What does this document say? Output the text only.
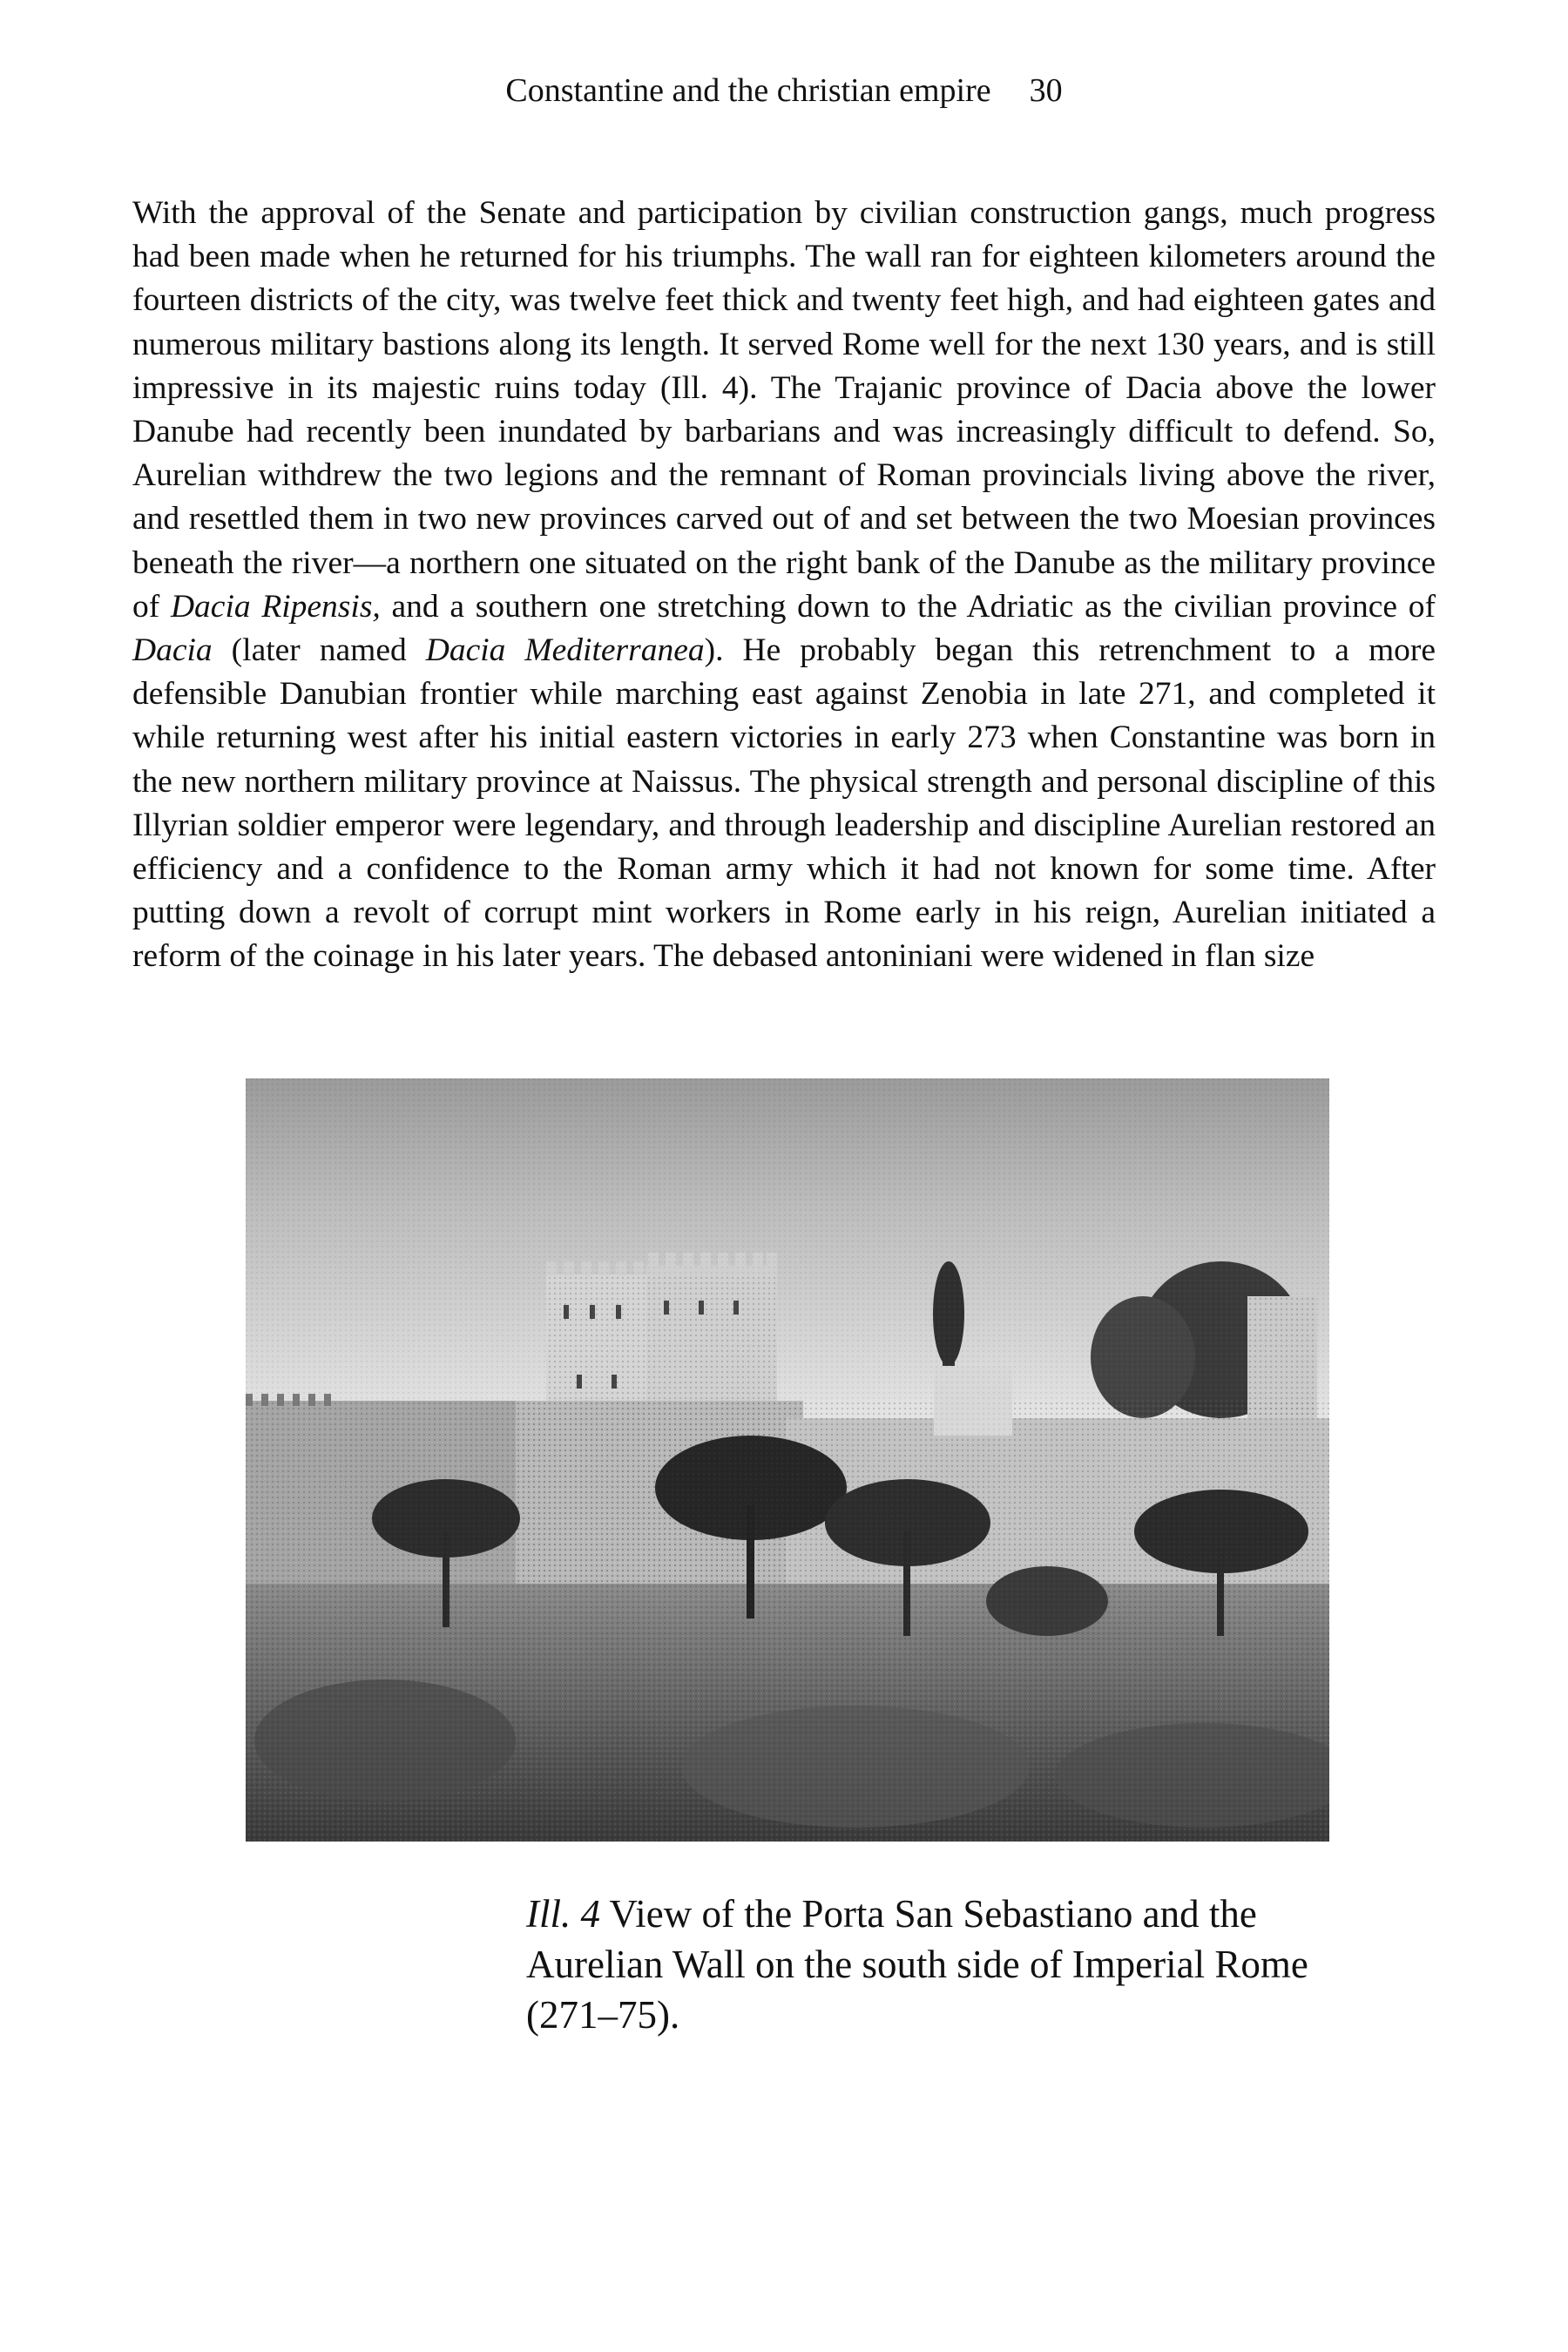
Constantine and the christian empire 30

With the approval of the Senate and participation by civilian construction gangs, much progress had been made when he returned for his triumphs. The wall ran for eighteen kilometers around the fourteen districts of the city, was twelve feet thick and twenty feet high, and had eighteen gates and numerous military bastions along its length. It served Rome well for the next 130 years, and is still impressive in its majestic ruins today (Ill. 4). The Trajanic province of Dacia above the lower Danube had recently been inundated by barbarians and was increasingly difficult to defend. So, Aurelian withdrew the two legions and the remnant of Roman provincials living above the river, and resettled them in two new provinces carved out of and set between the two Moesian provinces beneath the river—a northern one situated on the right bank of the Danube as the military province of Dacia Ripensis, and a southern one stretching down to the Adriatic as the civilian province of Dacia (later named Dacia Mediterranea). He probably began this retrenchment to a more defensible Danubian frontier while marching east against Zenobia in late 271, and completed it while returning west after his initial eastern victories in early 273 when Constantine was born in the new northern military province at Naissus. The physical strength and personal discipline of this Illyrian soldier emperor were legendary, and through leadership and discipline Aurelian restored an efficiency and a confidence to the Roman army which it had not known for some time. After putting down a revolt of corrupt mint workers in Rome early in his reign, Aurelian initiated a reform of the coinage in his later years. The debased antoniniani were widened in flan size

Ill. 4 View of the Porta San Sebastiano and the Aurelian Wall on the south side of Imperial Rome (271–75).
